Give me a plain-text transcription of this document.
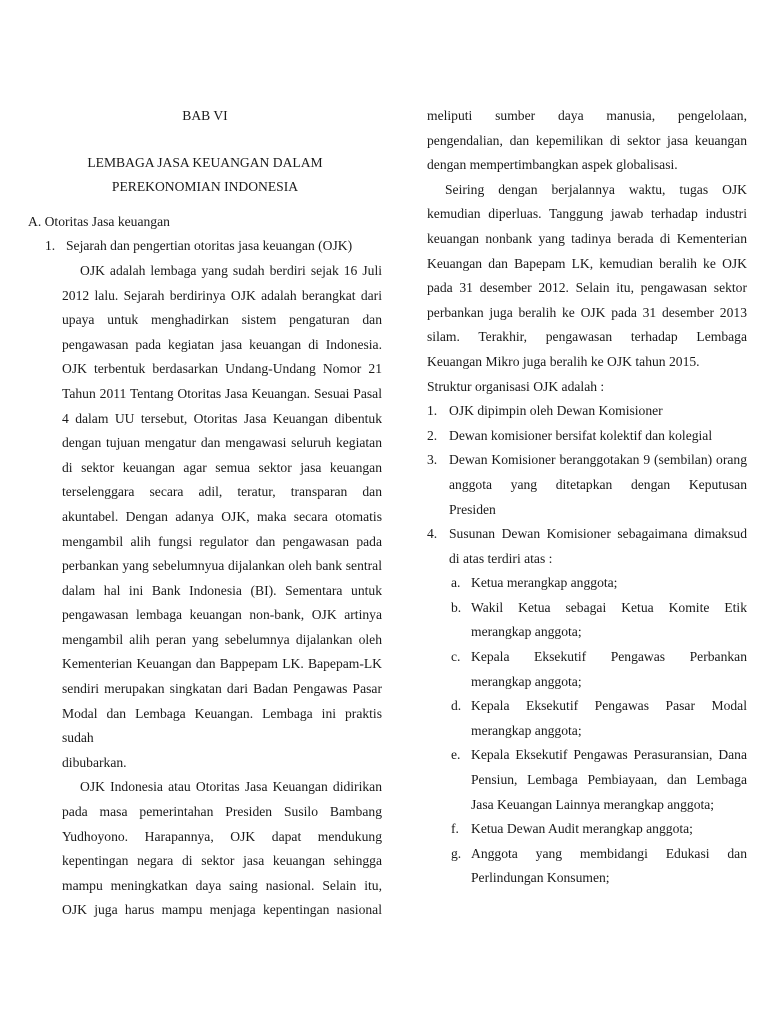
BAB VI
LEMBAGA JASA KEUANGAN DALAM PEREKONOMIAN INDONESIA
A. Otoritas Jasa keuangan
1. Sejarah dan pengertian otoritas jasa keuangan (OJK)
OJK adalah lembaga yang sudah berdiri sejak 16 Juli 2012 lalu. Sejarah berdirinya OJK adalah berangkat dari upaya untuk menghadirkan sistem pengaturan dan pengawasan pada kegiatan jasa keuangan di Indonesia. OJK terbentuk berdasarkan Undang-Undang Nomor 21 Tahun 2011 Tentang Otoritas Jasa Keuangan. Sesuai Pasal 4 dalam UU tersebut, Otoritas Jasa Keuangan dibentuk dengan tujuan mengatur dan mengawasi seluruh kegiatan di sektor keuangan agar semua sektor jasa keuangan terselenggara secara adil, teratur, transparan dan akuntabel. Dengan adanya OJK, maka secara otomatis mengambil alih fungsi regulator dan pengawasan pada perbankan yang sebelumnyua dijalankan oleh bank sentral dalam hal ini Bank Indonesia (BI). Sementara untuk pengawasan lembaga keuangan non-bank, OJK artinya mengambil alih peran yang sebelumnya dijalankan oleh Kementerian Keuangan dan Bappepam LK. Bapepam-LK sendiri merupakan singkatan dari Badan Pengawas Pasar Modal dan Lembaga Keuangan. Lembaga ini praktis sudah
dibubarkan.
OJK Indonesia atau Otoritas Jasa Keuangan didirikan pada masa pemerintahan Presiden Susilo Bambang Yudhoyono. Harapannya, OJK dapat mendukung kepentingan negara di sektor jasa keuangan sehingga mampu meningkatkan daya saing nasional. Selain itu, OJK juga harus mampu menjaga kepentingan nasional
meliputi sumber daya manusia, pengelolaan, pengendalian, dan kepemilikan di sektor jasa keuangan
dengan mempertimbangkan aspek globalisasi.
Seiring dengan berjalannya waktu, tugas OJK kemudian diperluas. Tanggung jawab terhadap industri keuangan nonbank yang tadinya berada di Kementerian Keuangan dan Bapepam LK, kemudian beralih ke OJK pada 31 desember 2012. Selain itu, pengawasan sektor perbankan juga beralih ke OJK pada 31 desember 2013 silam. Terakhir, pengawasan terhadap Lembaga
Keuangan Mikro juga beralih ke OJK tahun 2015.
Struktur organisasi OJK adalah :
1. OJK dipimpin oleh Dewan Komisioner
2. Dewan komisioner bersifat kolektif dan kolegial
3. Dewan Komisioner beranggotakan 9 (sembilan) orang anggota yang ditetapkan dengan Keputusan
Presiden
4. Susunan Dewan Komisioner sebagaimana dimaksud
di atas terdiri atas :
a. Ketua merangkap anggota;
b. Wakil Ketua sebagai Ketua Komite Etik
merangkap anggota;
c. Kepala Eksekutif Pengawas Perbankan
merangkap anggota;
d. Kepala Eksekutif Pengawas Pasar Modal
merangkap anggota;
e. Kepala Eksekutif Pengawas Perasuransian, Dana Pensiun, Lembaga Pembiayaan, dan Lembaga
Jasa Keuangan Lainnya merangkap anggota;
f. Ketua Dewan Audit merangkap anggota;
g. Anggota yang membidangi Edukasi dan
Perlindungan Konsumen;
